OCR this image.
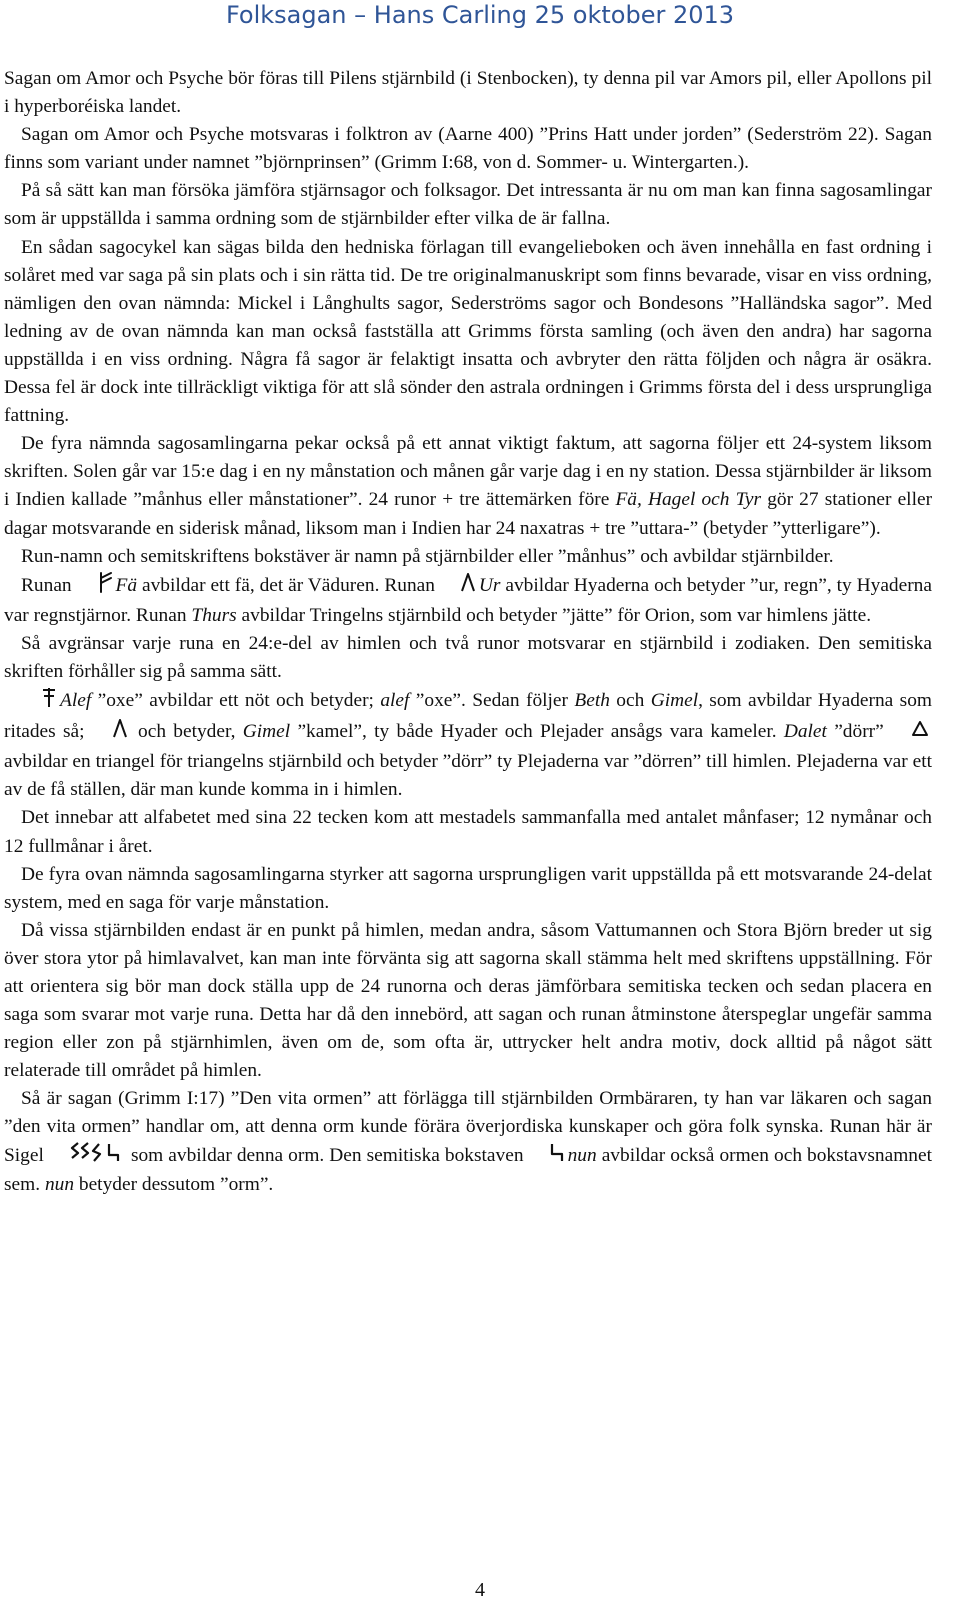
Folksagan – Hans Carling 25 oktober 2013

Sagan om Amor och Psyche bör föras till Pilens stjärnbild (i Stenbocken), ty denna pil var Amors pil, eller Apollons pil i hyperboréiska landet.

Sagan om Amor och Psyche motsvaras i folktron av (Aarne 400) ”Prins Hatt under jorden” (Sederström 22). Sagan finns som variant under namnet ”björnprinsen” (Grimm I:68, von d. Sommer- u. Wintergarten.).

På så sätt kan man försöka jämföra stjärnsagor och folksagor. Det intressanta är nu om man kan finna sagosamlingar som är uppställda i samma ordning som de stjärnbilder efter vilka de är fallna.

En sådan sagocykel kan sägas bilda den hedniska förlagan till evangelieboken och även innehålla en fast ordning i solåret med var saga på sin plats och i sin rätta tid. De tre originalmanuskript som finns bevarade, visar en viss ordning, nämligen den ovan nämnda: Mickel i Långhults sagor, Sederströms sagor och Bondesons ”Halländska sagor”. Med ledning av de ovan nämnda kan man också fastställa att Grimms första samling (och även den andra) har sagorna uppställda i en viss ordning. Några få sagor är felaktigt insatta och avbryter den rätta följden och några är osäkra. Dessa fel är dock inte tillräckligt viktiga för att slå sönder den astrala ordningen i Grimms första del i dess ursprungliga fattning.

De fyra nämnda sagosamlingarna pekar också på ett annat viktigt faktum, att sagorna följer ett 24-system liksom skriften. Solen går var 15:e dag i en ny månstation och månen går varje dag i en ny station. Dessa stjärnbilder är liksom i Indien kallade ”månhus eller månstationer”. 24 runor + tre ättemärken före Fä, Hagel och Tyr gör 27 stationer eller dagar motsvarande en siderisk månad, liksom man i Indien har 24 naxatras + tre ”uttara-” (betyder ”ytterligare”).

Run-namn och semitskriftens bokstäver är namn på stjärnbilder eller ”månhus” och avbildar stjärnbilder.

Runan Fä avbildar ett fä, det är Väduren. Runan Ur avbildar Hyaderna och betyder ”ur, regn”, ty Hyaderna var regnstjärnor. Runan Thurs avbildar Tringelns stjärnbild och betyder ”jätte” för Orion, som var himlens jätte.

Så avgränsar varje runa en 24:e-del av himlen och två runor motsvarar en stjärnbild i zodiaken. Den semitiska skriften förhåller sig på samma sätt.

Alef ”oxe” avbildar ett nöt och betyder; alef ”oxe”. Sedan följer Beth och Gimel, som avbildar Hyaderna som ritades så;  och betyder, Gimel ”kamel”, ty både Hyader och Plejader ansågs vara kameler. Dalet ”dörr”  avbildar en triangel för triangelns stjärnbild och betyder ”dörr” ty Plejaderna var ”dörren” till himlen. Plejaderna var ett av de få ställen, där man kunde komma in i himlen.

Det innebar att alfabetet med sina 22 tecken kom att mestadels sammanfalla med antalet månfaser; 12 nymånar och 12 fullmånar i året.

De fyra ovan nämnda sagosamlingarna styrker att sagorna ursprungligen varit uppställda på ett motsvarande 24-delat system, med en saga för varje månstation.

Då vissa stjärnbilden endast är en punkt på himlen, medan andra, såsom Vattumannen och Stora Björn breder ut sig över stora ytor på himlavalvet, kan man inte förvänta sig att sagorna skall stämma helt med skriftens uppställning. För att orientera sig bör man dock ställa upp de 24 runorna och deras jämförbara semitiska tecken och sedan placera en saga som svarar mot varje runa. Detta har då den innebörd, att sagan och runan åtminstone återspeglar ungefär samma region eller zon på stjärnhimlen, även om de, som ofta är, uttrycker helt andra motiv, dock alltid på något sätt relaterade till området på himlen.

Så är sagan (Grimm I:17) ”Den vita ormen” att förlägga till stjärnbilden Ormbäraren, ty han var läkaren och sagan ”den vita ormen” handlar om, att denna orm kunde förära överjordiska kunskaper och göra folk synska. Runan här är Sigel	som avbildar denna orm. Den semitiska bokstaven nun avbildar också ormen och bokstavsnamnet sem. nun betyder dessutom ”orm”.

4
